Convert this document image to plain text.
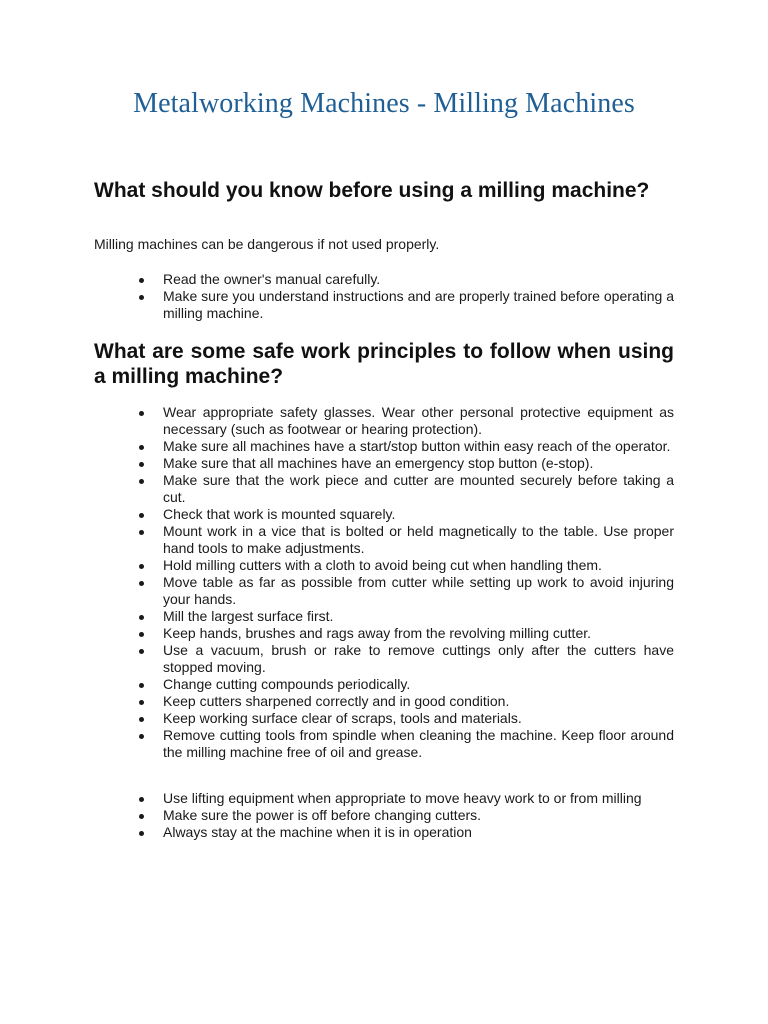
Metalworking Machines - Milling Machines
What should you know before using a milling machine?

Milling machines can be dangerous if not used properly.

Read the owner's manual carefully.
Make sure you understand instructions and are properly trained before operating a milling machine.
What are some safe work principles to follow when using a milling machine?
Wear appropriate safety glasses. Wear other personal protective equipment as necessary (such as footwear or hearing protection).
Make sure all machines have a start/stop button within easy reach of the operator.
Make sure that all machines have an emergency stop button (e-stop).
Make sure that the work piece and cutter are mounted securely before taking a cut.
Check that work is mounted squarely.
Mount work in a vice that is bolted or held magnetically to the table. Use proper hand tools to make adjustments.
Hold milling cutters with a cloth to avoid being cut when handling them.
Move table as far as possible from cutter while setting up work to avoid injuring your hands.
Mill the largest surface first.
Keep hands, brushes and rags away from the revolving milling cutter.
Use a vacuum, brush or rake to remove cuttings only after the cutters have stopped moving.
Change cutting compounds periodically.
Keep cutters sharpened correctly and in good condition.
Keep working surface clear of scraps, tools and materials.
Remove cutting tools from spindle when cleaning the machine. Keep floor around the milling machine free of oil and grease.
Use lifting equipment when appropriate to move heavy work to or from milling
Make sure the power is off before changing cutters.
Always stay at the machine when it is in operation
